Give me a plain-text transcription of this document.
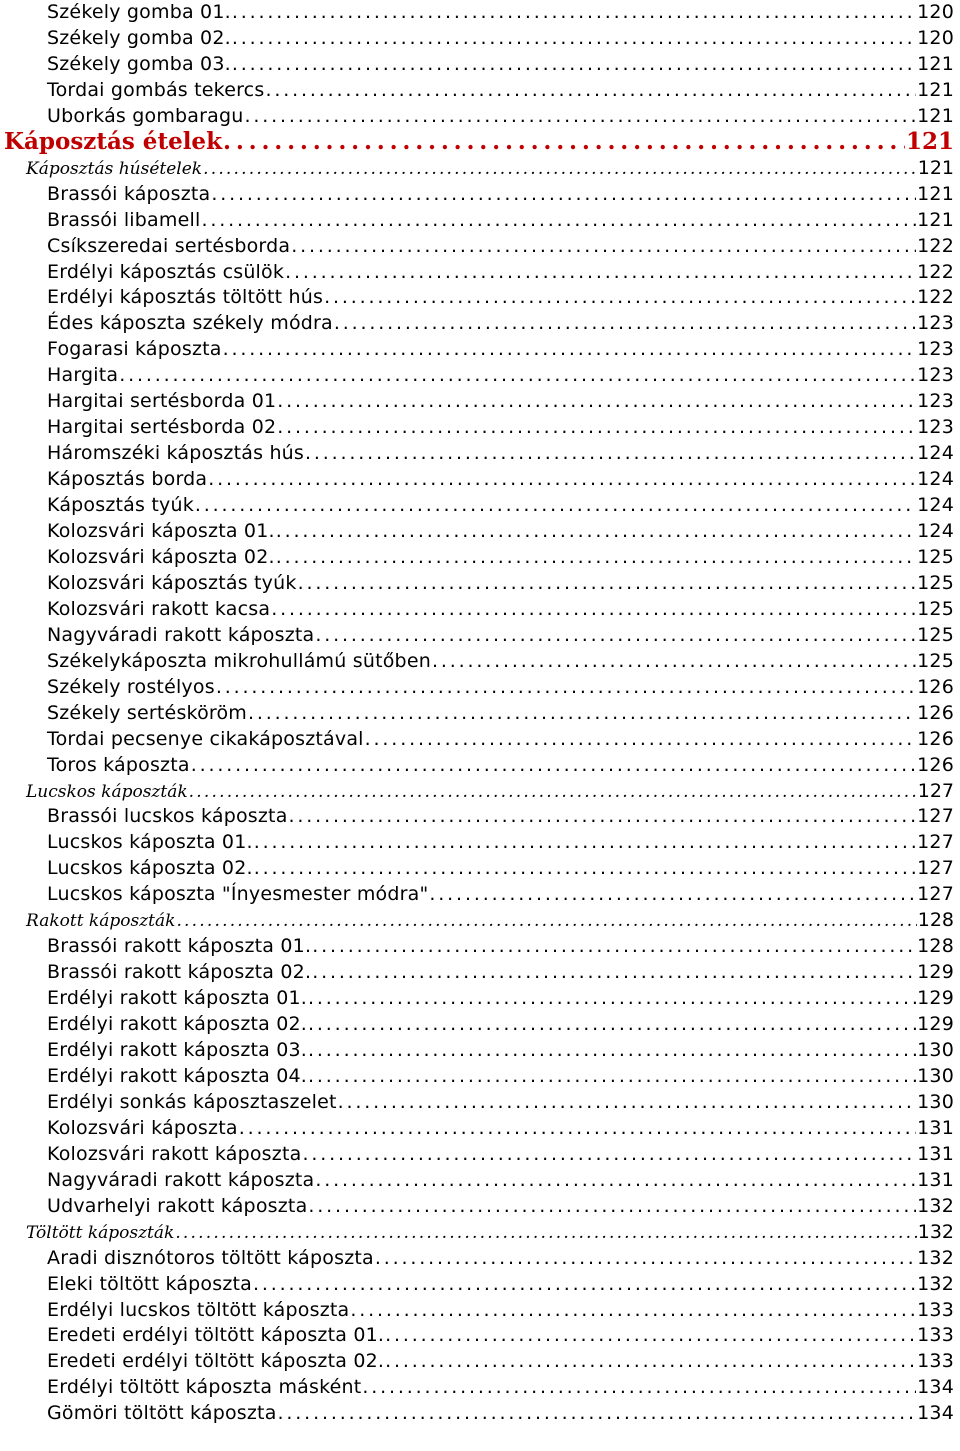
Székely gomba 01. . . .	120
Székely gomba 02. . . .	120
Székely gomba 03. . . .	121
Tordai gombás tekercs . . .	121
Uborkás gombaragu . . .	121
Káposztás ételek . . .	121
Káposztás húsételek . . .	121
Brassói káposzta . . .	121
Brassói libamell . . .	121
Csíkszeredai sertésborda . . .	122
Erdélyi káposztás csülök . . .	122
Erdélyi káposztás töltött hús . . .	122
Édes káposzta székely módra . . .	123
Fogarasi káposzta . . .	123
Hargita . . .	123
Hargitai sertésborda 01 . . .	123
Hargitai sertésborda 02 . . .	123
Háromszéki káposztás hús . . .	124
Káposztás borda . . .	124
Káposztás tyúk . . .	124
Kolozsvári káposzta 01. . . .	124
Kolozsvári káposzta 02. . . .	125
Kolozsvári káposztás tyúk . . .	125
Kolozsvári rakott kacsa . . .	125
Nagyváradi rakott káposzta . . .	125
Székelykáposzta mikrohullámú sütőben . . .	125
Székely rostélyos . . .	126
Székely sertésköröm . . .	126
Tordai pecsenye cikakáposztával . . .	126
Toros káposzta . . .	126
Lucskos káposzták . . .	127
Brassói lucskos káposzta . . .	127
Lucskos káposzta 01. . . .	127
Lucskos káposzta 02. . . .	127
Lucskos káposzta "Ínyesmester módra" . . .	127
Rakott káposzták . . .	128
Brassói rakott káposzta 01. . . .	128
Brassói rakott káposzta 02. . . .	129
Erdélyi rakott káposzta 01. . . .	129
Erdélyi rakott káposzta 02. . . .	129
Erdélyi rakott káposzta 03. . . .	130
Erdélyi rakott káposzta 04. . . .	130
Erdélyi sonkás káposztaszelet . . .	130
Kolozsvári káposzta . . .	131
Kolozsvári rakott káposzta . . .	131
Nagyváradi rakott káposzta . . .	131
Udvarhelyi rakott káposzta . . .	132
Töltött káposzták . . .	132
Aradi disznótoros töltött káposzta . . .	132
Eleki töltött káposzta . . .	132
Erdélyi lucskos töltött káposzta . . .	133
Eredeti erdélyi töltött káposzta 01. . . .	133
Eredeti erdélyi töltött káposzta 02. . . .	133
Erdélyi töltött káposzta másként . . .	134
Gömöri töltött káposzta . . .	134
